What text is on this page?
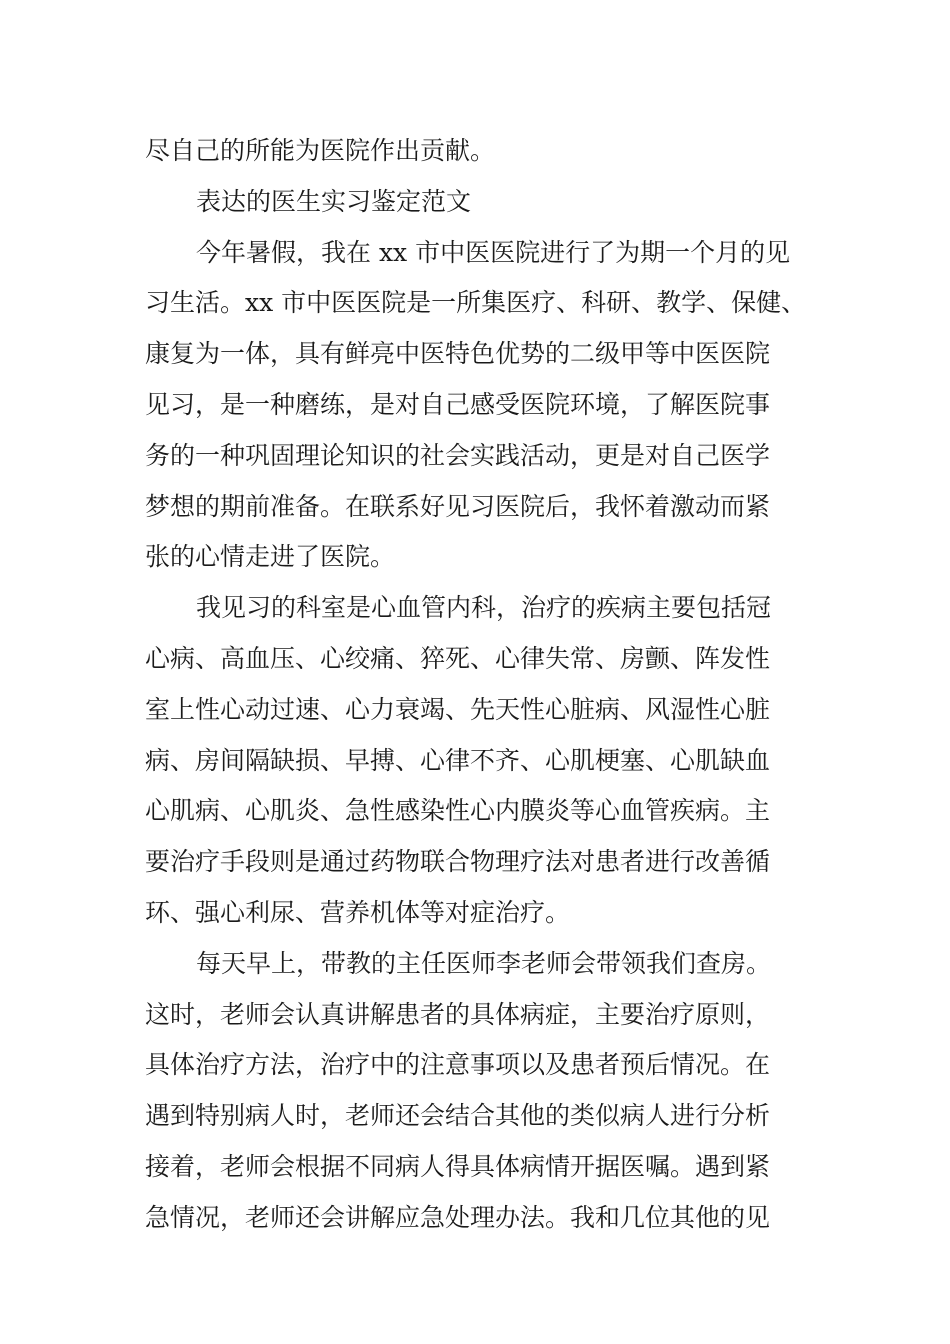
尽自己的所能为医院作出贡献。
表达的医生实习鉴定范文
今年暑假，我在 xx 市中医医院进行了为期一个月的见
习生活。xx 市中医医院是一所集医疗、科研、教学、保健、
康复为一体，具有鲜亮中医特色优势的二级甲等中医医院
见习，是一种磨练，是对自己感受医院环境，了解医院事
务的一种巩固理论知识的社会实践活动，更是对自己医学
梦想的期前准备。在联系好见习医院后，我怀着激动而紧
张的心情走进了医院。
我见习的科室是心血管内科，治疗的疾病主要包括冠
心病、高血压、心绞痛、猝死、心律失常、房颤、阵发性
室上性心动过速、心力衰竭、先天性心脏病、风湿性心脏
病、房间隔缺损、早搏、心律不齐、心肌梗塞、心肌缺血
心肌病、心肌炎、急性感染性心内膜炎等心血管疾病。主
要治疗手段则是通过药物联合物理疗法对患者进行改善循
环、强心利尿、营养机体等对症治疗。
每天早上，带教的主任医师李老师会带领我们查房。
这时，老师会认真讲解患者的具体病症，主要治疗原则，
具体治疗方法，治疗中的注意事项以及患者预后情况。在
遇到特别病人时，老师还会结合其他的类似病人进行分析
接着，老师会根据不同病人得具体病情开据医嘱。遇到紧
急情况，老师还会讲解应急处理办法。我和几位其他的见
